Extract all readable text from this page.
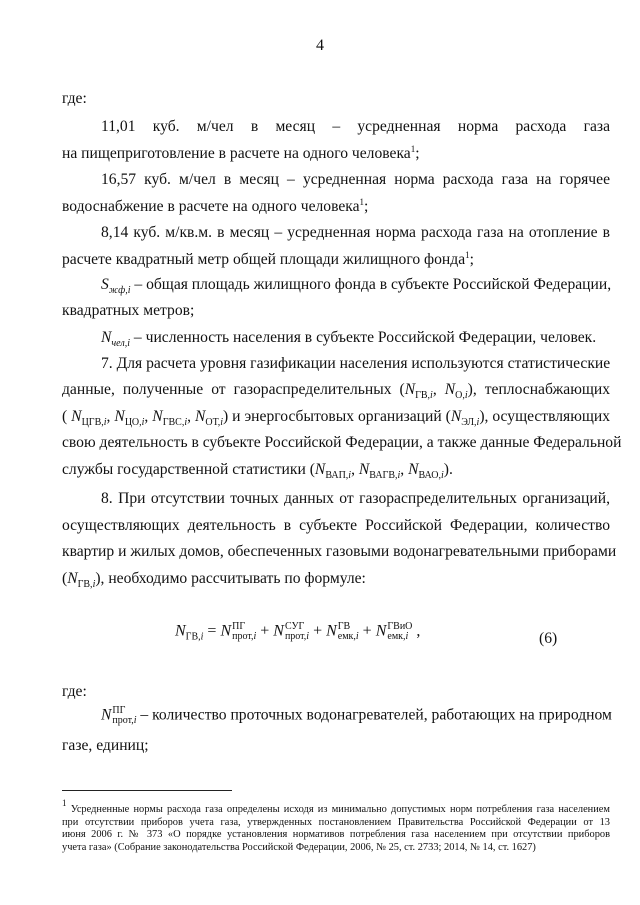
4
где:
11,01 куб. м/чел в месяц – усредненная норма расхода газа
на пищеприготовление в расчете на одного человека$^1$;
16,57 куб. м/чел в месяц – усредненная норма расхода газа на горячее
водоснабжение в расчете на одного человека$^1$;
8,14 куб. м/кв.м. в месяц – усредненная норма расхода газа на отопление в
расчете квадратный метр общей площади жилищного фонда$^1$;
$S_{жф,i}$ – общая площадь жилищного фонда в субъекте Российской Федерации,
квадратных метров;
$N_{чел,i}$ – численность населения в субъекте Российской Федерации, человек.
7. Для расчета уровня газификации населения используются статистические
данные, полученные от газораспределительных ($N_{ГВ,i}$, $N_{О,i}$), теплоснабжающих
( $N_{ЦГВ,i}$, $N_{ЦО,i}$, $N_{ГВС,i}$, $N_{ОТ,i}$) и энергосбытовых организаций $(N_{ЭЛ,i})$, осуществляющих
свою деятельность в субъекте Российской Федерации, а также данные Федеральной
службы государственной статистики ($N_{ВАП,i}$, $N_{ВАГВ,i}$, $N_{ВАО,i}$).
8. При отсутствии точных данных от газораспределительных организаций,
осуществляющих деятельность в субъекте Российской Федерации, количество
квартир и жилых домов, обеспеченных газовыми водонагревательными приборами
$(N_{ГВ,i})$, необходимо рассчитывать по формуле:
$N_{ГВ,i} = N$ ПГ
прот,i + N СУГ
прот,i + N ГВ
емк,i + N ГВиО
емк,i ,	(6)
где:
N ПГ
прот,i – количество проточных водонагревателей, работающих на природном
газе, единиц;
$^1$ Усредненные нормы расхода газа определены исходя из минимально допустимых норм потребления газа населением
при отсутствии приборов учета газа, утвержденных постановлением Правительства Российской Федерации от 13
июня 2006 г. № 373 «О порядке установления нормативов потребления газа населением при отсутствии приборов
учета газа» (Собрание законодательства Российской Федерации, 2006, № 25, ст. 2733; 2014, № 14, ст. 1627)
